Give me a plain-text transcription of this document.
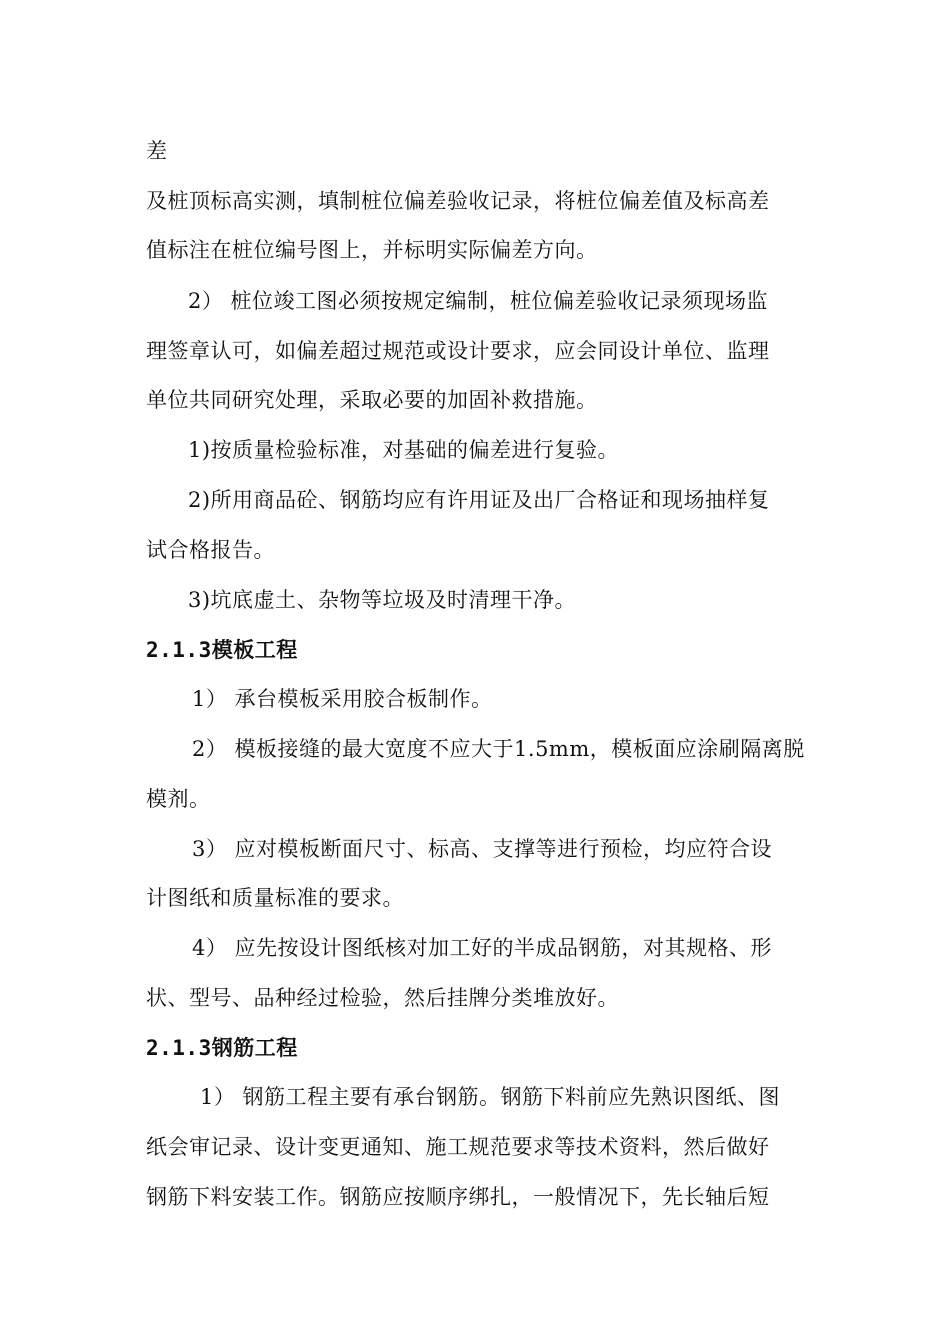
差
及桩顶标高实测，填制桩位偏差验收记录，将桩位偏差值及标高差
值标注在桩位编号图上，并标明实际偏差方向。
2） 桩位竣工图必须按规定编制，桩位偏差验收记录须现场监
理签章认可，如偏差超过规范或设计要求，应会同设计单位、监理
单位共同研究处理，采取必要的加固补救措施。
1)按质量检验标准，对基础的偏差进行复验。
2)所用商品砼、钢筋均应有许用证及出厂合格证和现场抽样复
试合格报告。
3)坑底虚土、杂物等垃圾及时清理干净。
2.1.3模板工程
1） 承台模板采用胶合板制作。
2） 模板接缝的最大宽度不应大于1.5mm，模板面应涂刷隔离脱
模剂。
3） 应对模板断面尺寸、标高、支撑等进行预检，均应符合设
计图纸和质量标准的要求。
4） 应先按设计图纸核对加工好的半成品钢筋，对其规格、形
状、型号、品种经过检验，然后挂牌分类堆放好。
2.1.3钢筋工程
1） 钢筋工程主要有承台钢筋。钢筋下料前应先熟识图纸、图
纸会审记录、设计变更通知、施工规范要求等技术资料，然后做好
钢筋下料安装工作。钢筋应按顺序绑扎，一般情况下，先长轴后短
